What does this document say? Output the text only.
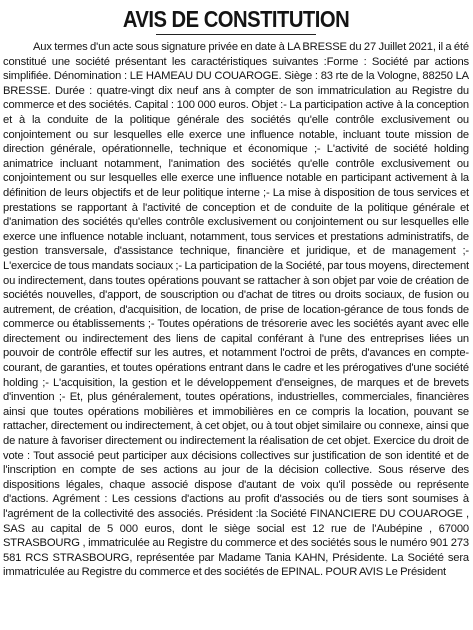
AVIS DE CONSTITUTION

Aux termes d'un acte sous signature privée en date à LA BRESSE du 27 Juillet 2021, il a été constitué une société présentant les caractéristiques suivantes :Forme : Société par actions simplifiée. Dénomination : LE HAMEAU DU COUAROGE. Siège : 83 rte de la Vologne, 88250 LA BRESSE. Durée : quatre-vingt dix neuf ans à compter de son immatriculation au Registre du commerce et des sociétés. Capital : 100 000 euros. Objet :- La participation active à la conception et à la conduite de la politique générale des sociétés qu'elle contrôle exclusivement ou conjointement ou sur lesquelles elle exerce une influence notable, incluant toute mission de direction générale, opérationnelle, technique et économique ;- L'activité de société holding animatrice incluant notamment, l'animation des sociétés qu'elle contrôle exclusivement ou conjointement ou sur lesquelles elle exerce une influence notable en participant activement à la définition de leurs objectifs et de leur politique interne ;- La mise à disposition de tous services et prestations se rapportant à l'activité de conception et de conduite de la politique générale et d'animation des sociétés qu'elles contrôle exclusivement ou conjointement ou sur lesquelles elle exerce une influence notable incluant, notamment, tous services et prestations administratifs, de gestion transversale, d'assistance technique, financière et juridique, et de management ;- L'exercice de tous mandats sociaux ;- La participation de la Société, par tous moyens, directement ou indirectement, dans toutes opérations pouvant se rattacher à son objet par voie de création de sociétés nouvelles, d'apport, de souscription ou d'achat de titres ou droits sociaux, de fusion ou autrement, de création, d'acquisition, de location, de prise de location-gérance de tous fonds de commerce ou établissements ;- Toutes opérations de trésorerie avec les sociétés ayant avec elle directement ou indirectement des liens de capital conférant à l'une des entreprises liées un pouvoir de contrôle effectif sur les autres, et notamment l'octroi de prêts, d'avances en compte-courant, de garanties, et toutes opérations entrant dans le cadre et les prérogatives d'une société holding ;- L'acquisition, la gestion et le développement d'enseignes, de marques et de brevets d'invention ;- Et, plus généralement, toutes opérations, industrielles, commerciales, financières ainsi que toutes opérations mobilières et immobilières en ce compris la location, pouvant se rattacher, directement ou indirectement, à cet objet, ou à tout objet similaire ou connexe, ainsi que de nature à favoriser directement ou indirectement la réalisation de cet objet. Exercice du droit de vote : Tout associé peut participer aux décisions collectives sur justification de son identité et de l'inscription en compte de ses actions au jour de la décision collective. Sous réserve des dispositions légales, chaque associé dispose d'autant de voix qu'il possède ou représente d'actions. Agrément : Les cessions d'actions au profit d'associés ou de tiers sont soumises à l'agrément de la collectivité des associés. Président :la Société FINANCIERE DU COUAROGE , SAS au capital de 5 000 euros, dont le siège social est 12 rue de l'Aubépine , 67000 STRASBOURG , immatriculée au Registre du commerce et des sociétés sous le numéro 901 273 581 RCS STRASBOURG, représentée par Madame Tania KAHN, Présidente. La Société sera immatriculée au Registre du commerce et des sociétés de EPINAL. POUR AVIS Le Président
